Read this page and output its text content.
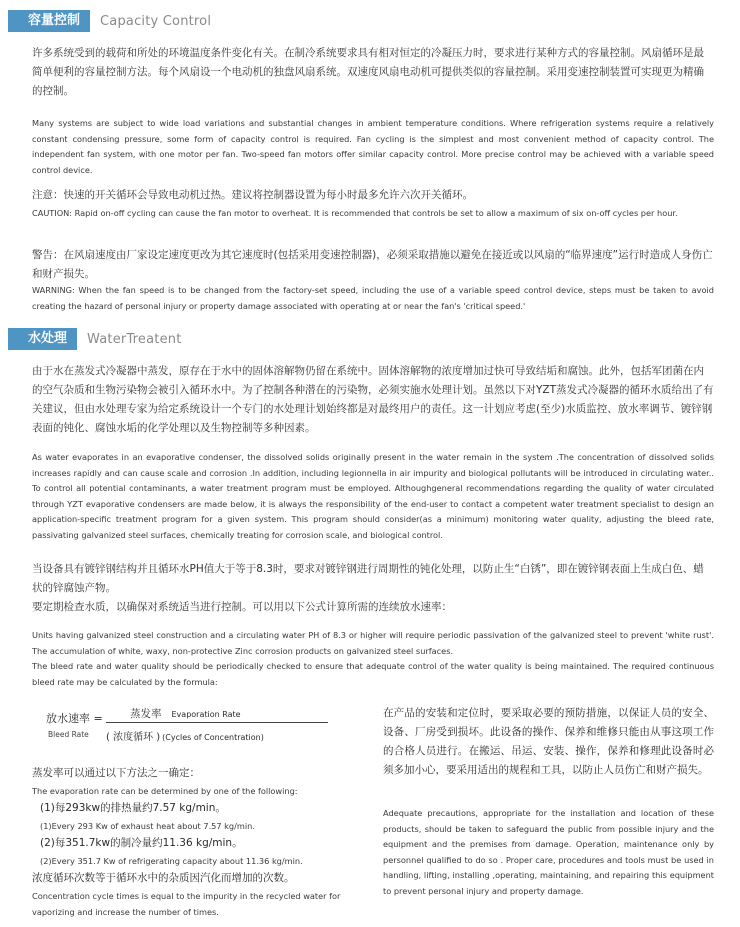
容量控制	Capacity Control
许多系统受到的载荷和所处的环境温度条件变化有关。在制冷系统要求具有相对恒定的冷凝压力时，要求进行某种方式的容量控制。风扇循环是最简单便利的容量控制方法。每个风扇设一个电动机的独盘风扇系统。双速度风扇电动机可提供类似的容量控制。采用变速控制装置可实现更为精确的控制。
Many systems are subject to wide load variations and substantial changes in ambient temperature conditions. Where refrigeration systems require a relatively constant condensing pressure, some form of capacity control is required. Fan cycling is the simplest and most convenient method of capacity control. The independent fan system, with one motor per fan. Two-speed fan motors offer similar capacity control. More precise control may be achieved with a variable speed control device.
注意：快速的开关循环会导致电动机过热。建议将控制器设置为每小时最多允许六次开关循环。
CAUTION: Rapid on-off cycling can cause the fan motor to overheat. It is recommended that controls be set to allow a maximum of six on-off cycles per hour.
警告：在风扇速度由厂家设定速度更改为其它速度时(包括采用变速控制器)，必须采取措施以避免在接近或以风扇的“临界速度”运行时造成人身伤亡和财产损失。
WARNING: When the fan speed is to be changed from the factory-set speed, including the use of a variable speed control device, steps must be taken to avoid creating the hazard of personal injury or property damage associated with operating at or near the fan's 'critical speed.'
水处理	WaterTreatent
由于水在蒸发式冷凝器中蒸发，原存在于水中的固体溶解物仍留在系统中。固体溶解物的浓度增加过快可导致结垢和腐蚀。此外，包括军团菌在内的空气杂质和生物污染物会被引入循环水中。为了控制各种潜在的污染物，必须实施水处理计划。虽然以下对YZT蒸发式冷凝器的循环水质给出了有关建议，但由水处理专家为给定系统设计一个专门的水处理计划始终都是对最终用户的责任。这一计划应考虑(至少)水质监控、放水率调节、镀锌钢表面的钝化、腐蚀水垢的化学处理以及生物控制等多种因素。
As water evaporates in an evaporative condenser, the dissolved solids originally present in the water remain in the system .The concentration of dissolved solids increases rapidly and can cause scale and corrosion .In addition, including legionnella in air impurity and biological pollutants will be introduced in circulating water.. To control all potential contaminants, a water treatment program must be employed. Althoughgeneral recommendations regarding the quality of water circulated through YZT evaporative condensers are made below, it is always the responsibility of the end-user to contact a competent water treatment specialist to design an application-specific treatment program for a given system. This program should consider(as a minimum) monitoring water quality, adjusting the bleed rate, passivating galvanized steel surfaces, chemically treating for corrosion scale, and biological control.
当设备具有镀锌钢结构并且循环水PH值大于等于8.3时，要求对镀锌钢进行周期性的钝化处理，以防止生“白锈”，即在镀锌钢表面上生成白色、蜡状的锌腐蚀产物。
要定期检查水质，以确保对系统适当进行控制。可以用以下公式计算所需的连续放水速率：
Units having galvanized steel construction and a circulating water PH of 8.3 or higher will require periodic passivation of the galvanized steel to prevent 'white rust'. The accumulation of white, waxy, non-protective Zinc corrosion products on galvanized steel surfaces.
The bleed rate and water quality should be periodically checked to ensure that adequate control of the water quality is being maintained. The required continuous bleed rate may be calculated by the formula:
放水速率 =
Bleed Rate
蒸发率 Evaporation Rate
( 浓度循环 ) (Cycles of Concentration)
蒸发率可以通过以下方法之一确定：
The evaporation rate can be determined by one of the following:
(1)每293kw的排热量约7.57 kg/min。
(1)Every 293 Kw of exhaust heat about 7.57 kg/min.
(2)每351.7kw的制冷量约11.36 kg/min。
(2)Every 351.7 Kw of refrigerating capacity about 11.36 kg/min.
浓度循环次数等于循环水中的杂质因汽化而增加的次数。
Concentration cycle times is equal to the impurity in the recycled water for vaporizing and increase the number of times.
在产品的安装和定位时，要采取必要的预防措施，以保证人员的安全、设备、厂房受到损坏。此设备的操作、保养和维修只能由从事这项工作的合格人员进行。在搬运、吊运、安装、操作，保养和修理此设备时必须多加小心，要采用适出的规程和工具，以防止人员伤亡和财产损失。
Adequate precautions, appropriate for the installation and location of these products, should be taken to safeguard the public from possible injury and the equipment and the premises from damage. Operation, maintenance only by personnel qualified to do so . Proper care, procedures and tools must be used in handling, lifting, installing ,operating, maintaining, and repairing this equipment to prevent personal injury and property damage.
